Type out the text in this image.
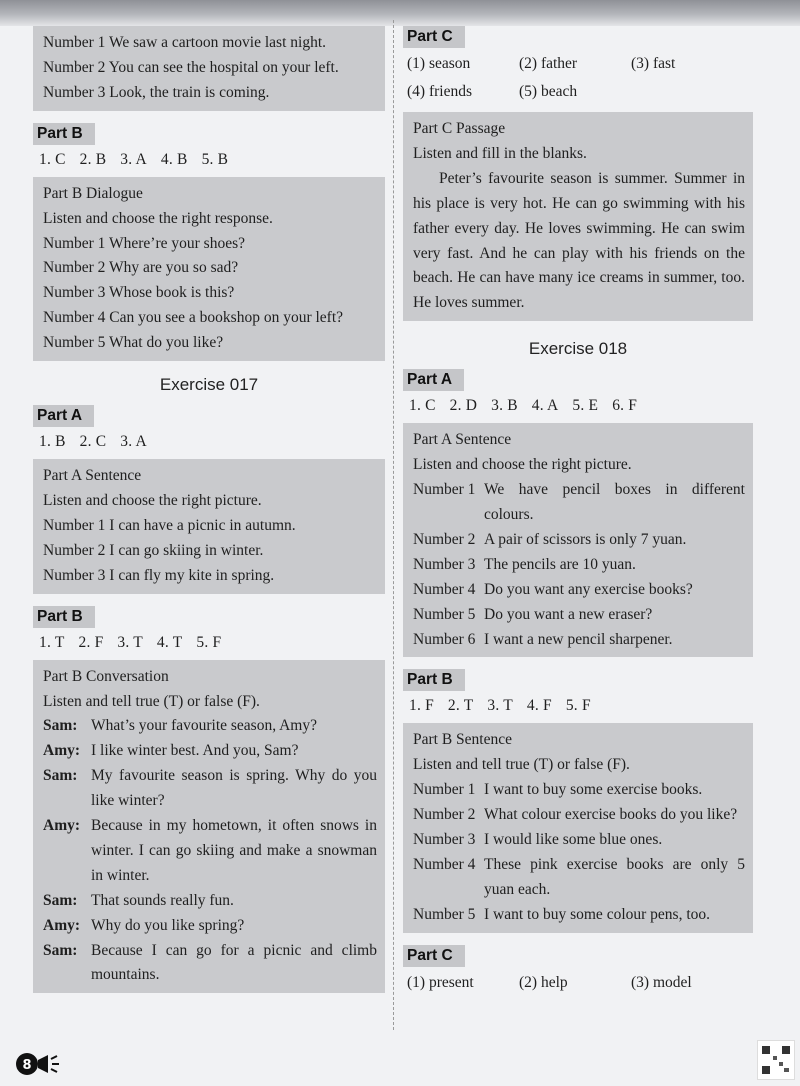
Number 1 We saw a cartoon movie last night.
Number 2 You can see the hospital on your left.
Number 3 Look, the train is coming.
Part B
1. C 2. B 3. A 4. B 5. B
Part B Dialogue
Listen and choose the right response.
Number 1 Where’re your shoes?
Number 2 Why are you so sad?
Number 3 Whose book is this?
Number 4 Can you see a bookshop on your left?
Number 5 What do you like?
Exercise 017
Part A
1. B 2. C 3. A
Part A Sentence
Listen and choose the right picture.
Number 1 I can have a picnic in autumn.
Number 2 I can go skiing in winter.
Number 3 I can fly my kite in spring.
Part B
1. T 2. F 3. T 4. T 5. F
Part B Conversation
Listen and tell true (T) or false (F).
Sam: What’s your favourite season, Amy?
Amy: I like winter best. And you, Sam?
Sam: My favourite season is spring. Why do you like winter?
Amy: Because in my hometown, it often snows in winter. I can go skiing and make a snowman in winter.
Sam: That sounds really fun.
Amy: Why do you like spring?
Sam: Because I can go for a picnic and climb mountains.
Part C
(1) season	(2) father	(3) fast
(4) friends	(5) beach
Part C Passage
Listen and fill in the blanks.
Peter’s favourite season is summer. Summer in his place is very hot. He can go swimming with his father every day. He loves swimming. He can swim very fast. And he can play with his friends on the beach. He can have many ice creams in summer, too. He loves summer.
Exercise 018
Part A
1. C 2. D 3. B 4. A 5. E 6. F
Part A Sentence
Listen and choose the right picture.
Number 1 We have pencil boxes in different colours.
Number 2 A pair of scissors is only 7 yuan.
Number 3 The pencils are 10 yuan.
Number 4 Do you want any exercise books?
Number 5 Do you want a new eraser?
Number 6 I want a new pencil sharpener.
Part B
1. F 2. T 3. T 4. F 5. F
Part B Sentence
Listen and tell true (T) or false (F).
Number 1 I want to buy some exercise books.
Number 2 What colour exercise books do you like?
Number 3 I would like some blue ones.
Number 4 These pink exercise books are only 5 yuan each.
Number 5 I want to buy some colour pens, too.
Part C
(1) present	(2) help	(3) model
8
